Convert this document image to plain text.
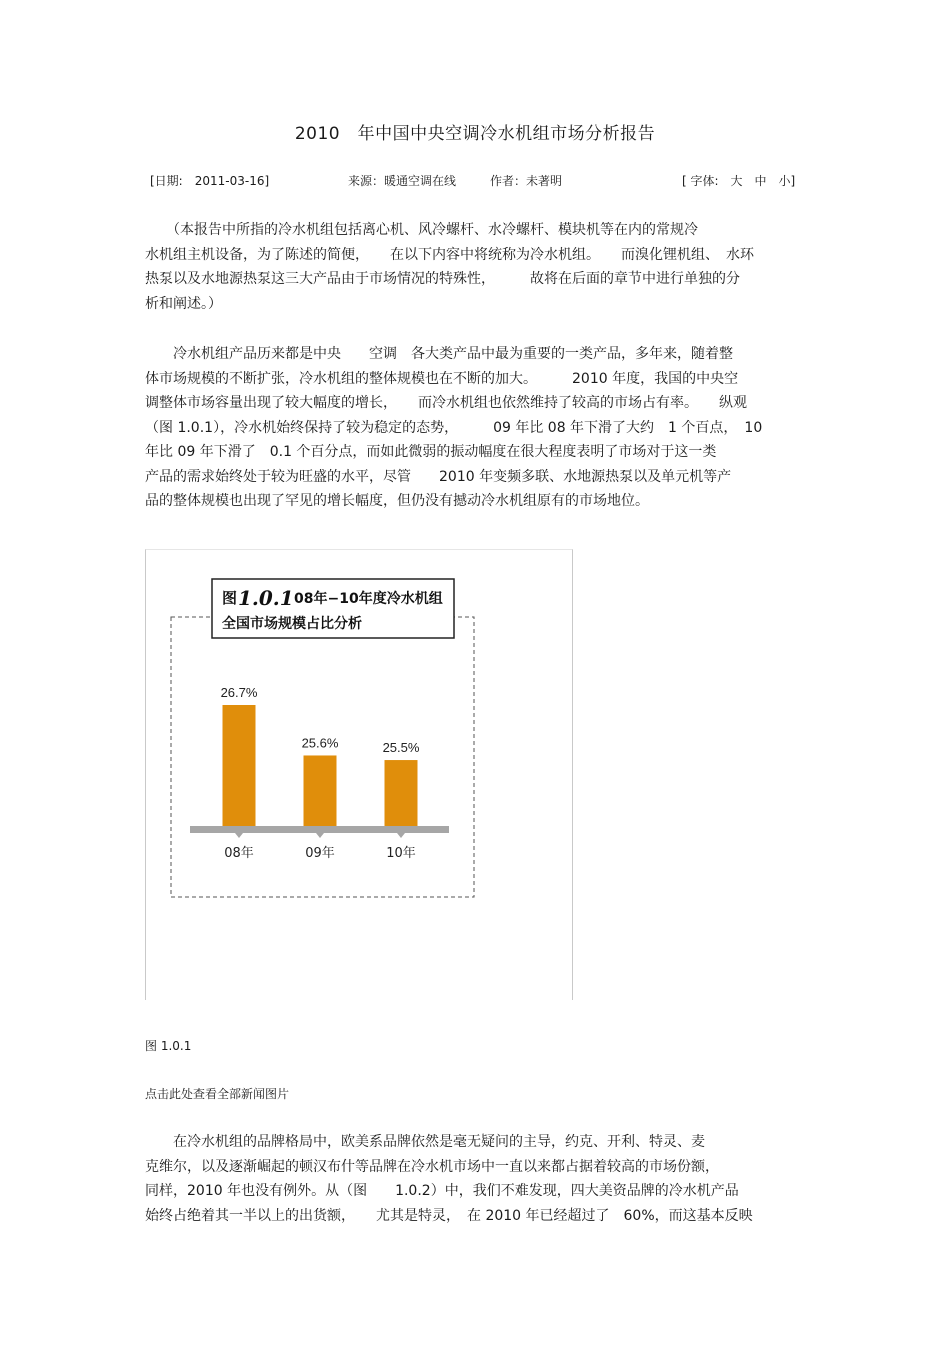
2010　年中国中央空调冷水机组市场分析报告
[日期:　2011-03-16]	来源：暖通空调在线	作者：未著明	[ 字体:　大　中　小]
　　（本报告中所指的冷水机组包括离心机、风冷螺杆、水冷螺杆、模块机等在内的常规冷
水机组主机设备，为了陈述的简便，　　在以下内容中将统称为冷水机组。　　而溴化锂机组、　水环
热泵以及水地源热泵这三大产品由于市场情况的特殊性，　　　故将在后面的章节中进行单独的分
析和阐述。）
　　冷水机组产品历来都是中央　　空调　各大类产品中最为重要的一类产品，多年来，随着整
体市场规模的不断扩张，冷水机组的整体规模也在不断的加大。　　　2010 年度，我国的中央空
调整体市场容量出现了较大幅度的增长，　　而冷水机组也依然维持了较高的市场占有率。　　纵观
（图 1.0.1），冷水机始终保持了较为稳定的态势，　　　09 年比 08 年下滑了大约　1 个百点，　10
年比 09 年下滑了　0.1 个百分点，而如此微弱的振动幅度在很大程度表明了市场对于这一类
产品的需求始终处于较为旺盛的水平，尽管　　2010 年变频多联、水地源热泵以及单元机等产
品的整体规模也出现了罕见的增长幅度，但仍没有撼动冷水机组原有的市场地位。
图 1.0.1 08年−10年度冷水机组
全国市场规模占比分析
26.7%
08年
25.6%
09年
25.5%
10年
图 1.0.1
点击此处查看全部新闻图片
　　在冷水机组的品牌格局中，欧美系品牌依然是毫无疑问的主导，约克、开利、特灵、麦
克维尔，以及逐渐崛起的顿汉布什等品牌在冷水机市场中一直以来都占据着较高的市场份额，
同样，2010 年也没有例外。从（图　　1.0.2）中，我们不难发现，四大美资品牌的冷水机产品
始终占绝着其一半以上的出货额，　　尤其是特灵，　在 2010 年已经超过了　60%，而这基本反映
